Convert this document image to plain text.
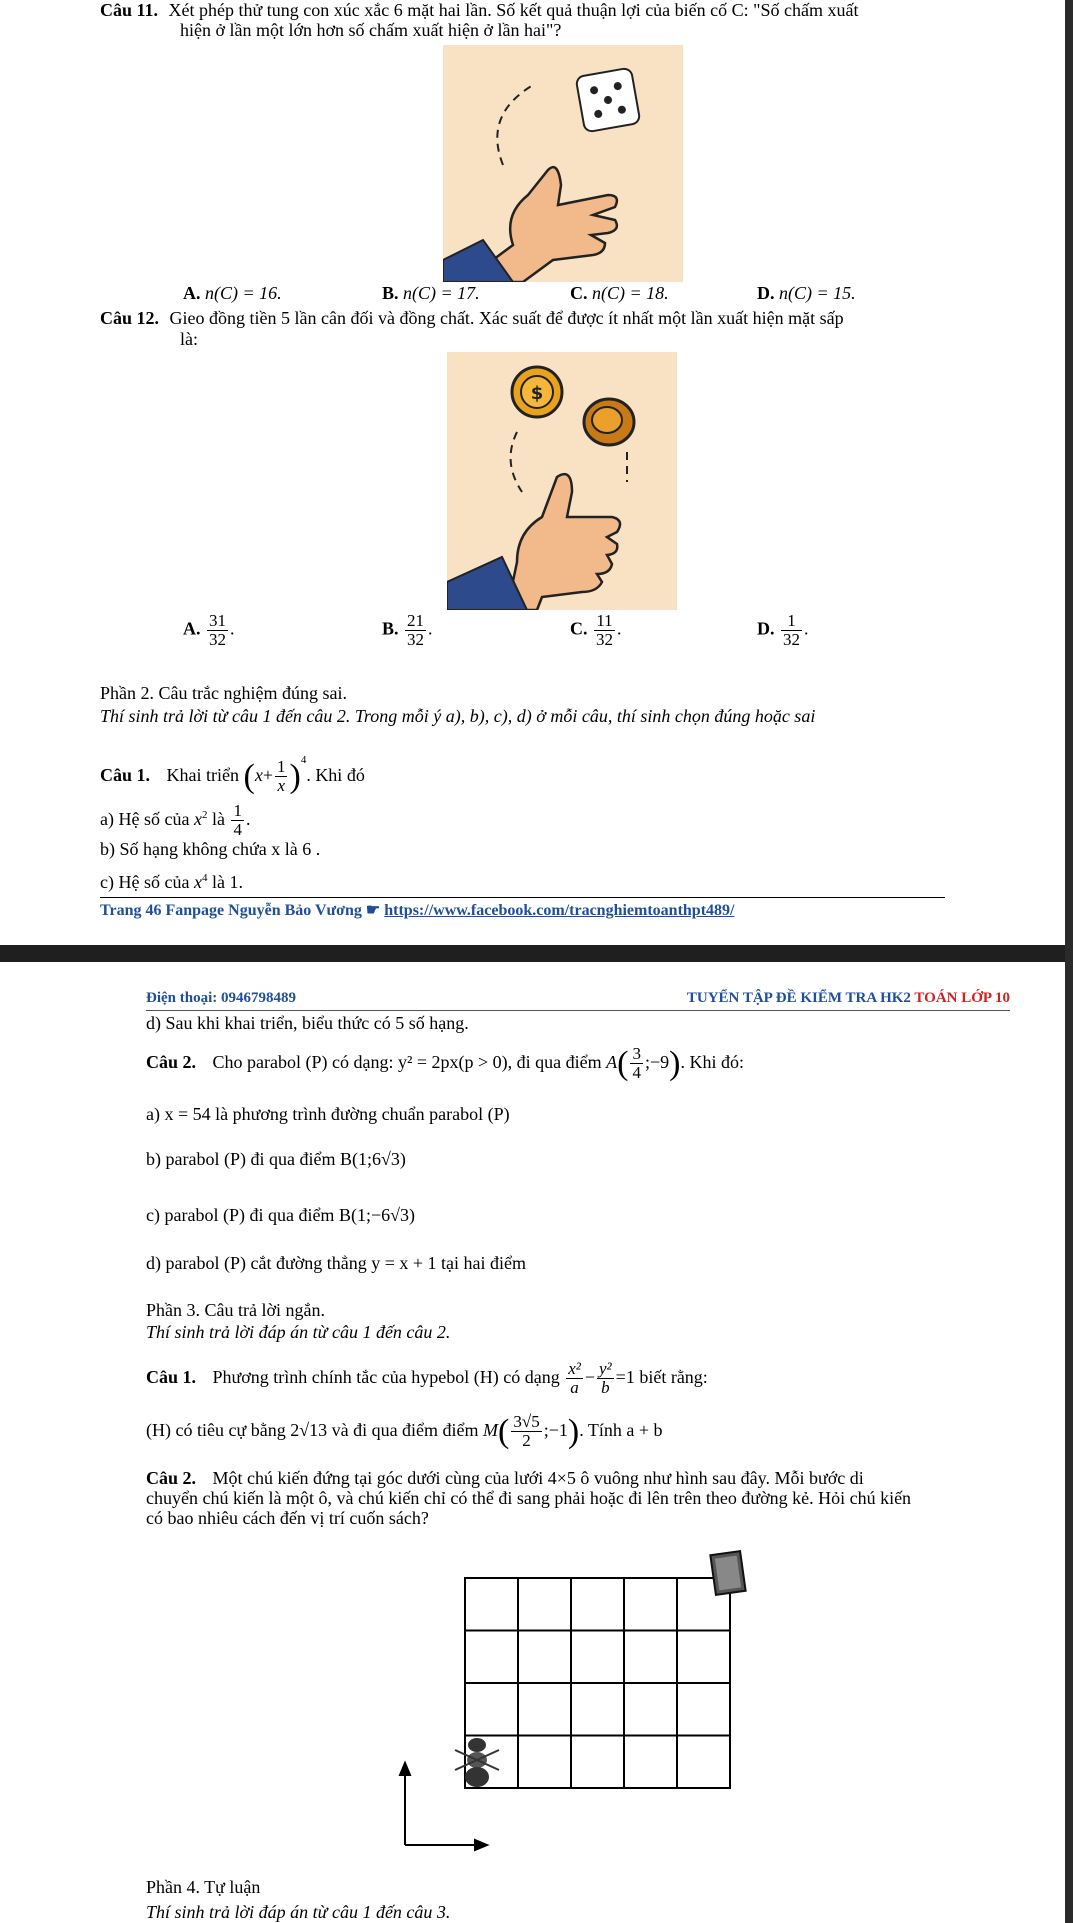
Câu 11. Xét phép thử tung con xúc xắc 6 mặt hai lần. Số kết quả thuận lợi của biến cố C: "Số chấm xuất
hiện ở lần một lớn hơn số chấm xuất hiện ở lần hai"?
A. n(C) = 16.	B. n(C) = 17.	C. n(C) = 18.	D. n(C) = 15.
Câu 12. Gieo đồng tiền 5 lần cân đối và đồng chất. Xác suất để được ít nhất một lần xuất hiện mặt sấp
là:
$
A. $\frac{31}{32}$ .	B. $\frac{21}{32}$ .	C. $\frac{11}{32}$ .	D. $\frac{1}{32}$ .
Phần 2. Câu trắc nghiệm đúng sai.
Thí sinh trả lời từ câu 1 đến câu 2. Trong mỗi ý a), b), c), d) ở mỗi câu, thí sinh chọn đúng hoặc sai
Câu 1. Khai triển $(x+ \frac{1}{x} )^4$. Khi đó
a) Hệ số của $x^2$ là $\frac{1}{4}$ .
b) Số hạng không chứa x là 6 .
c) Hệ số của $x^4$ là 1.
Trang 46 Fanpage Nguyễn Bảo Vương ☛ https://www.facebook.com/tracnghiemtoanthpt489/
Điện thoại: 0946798489	TUYỂN TẬP ĐỀ KIỂM TRA HK2 TOÁN LỚP 10
d) Sau khi khai triển, biểu thức có 5 số hạng.
Câu 2. Cho parabol (P) có dạng: y² = 2px(p > 0), đi qua điểm $A( \frac{3}{4}$ ;−9). Khi đó:
a) x = 54 là phương trình đường chuẩn parabol (P)
b) parabol (P) đi qua điểm B(1;6√3)
c) parabol (P) đi qua điểm B(1;−6√3)
d) parabol (P) cắt đường thẳng y = x + 1 tại hai điểm
Phần 3. Câu trả lời ngắn.
Thí sinh trả lời đáp án từ câu 1 đến câu 2.
Câu 1. Phương trình chính tắc của hypebol (H) có dạng $\frac{\text{x²}}{a} - \frac{\text{y²}}{b} =1$ biết rằng:
(H) có tiêu cự bằng 2√13 và đi qua điểm điểm $M( \frac{3√5}{2}$ ;−1). Tính a + b
Câu 2. Một chú kiến đứng tại góc dưới cùng của lưới 4×5 ô vuông như hình sau đây. Mỗi bước di
chuyển chú kiến là một ô, và chú kiến chỉ có thể đi sang phải hoặc đi lên trên theo đường kẻ. Hỏi chú kiến
có bao nhiêu cách đến vị trí cuốn sách?
Phần 4. Tự luận
Thí sinh trả lời đáp án từ câu 1 đến câu 3.
